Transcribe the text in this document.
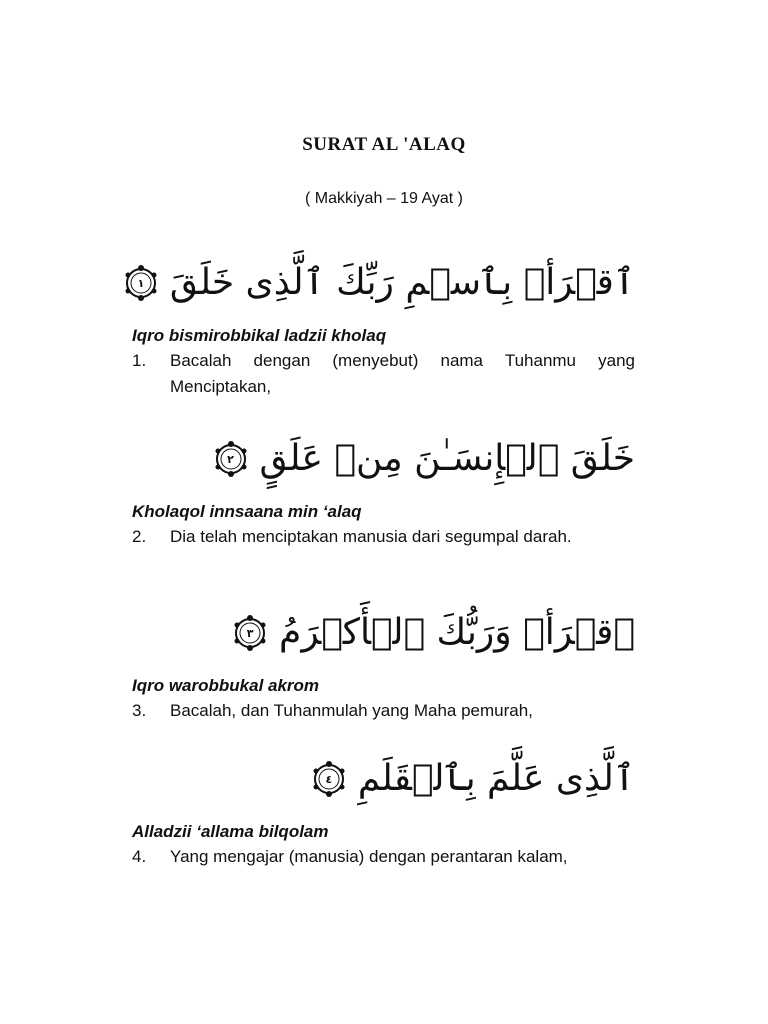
SURAT AL 'ALAQ
( Makkiyah – 19 Ayat )
ٱقۡرَأۡ بِٱسۡمِ رَبِّكَ ٱلَّذِى خَلَقَ
١
Iqro bismirobbikal ladzii kholaq
1.	Bacalah dengan (menyebut) nama Tuhanmu yang Menciptakan,
خَلَقَ ٱلۡإِنسَـٰنَ مِنۡ عَلَقٍ
٢
Kholaqol innsaana min ‘alaq
2.	Dia telah menciptakan manusia dari segumpal darah.
ٱقۡرَأۡ وَرَبُّكَ ٱلۡأَكۡرَمُ
٣
Iqro warobbukal akrom
3.	Bacalah, dan Tuhanmulah yang Maha pemurah,
ٱلَّذِى عَلَّمَ بِٱلۡقَلَمِ
٤
Alladzii ‘allama bilqolam
4.	Yang mengajar (manusia) dengan perantaran kalam,
